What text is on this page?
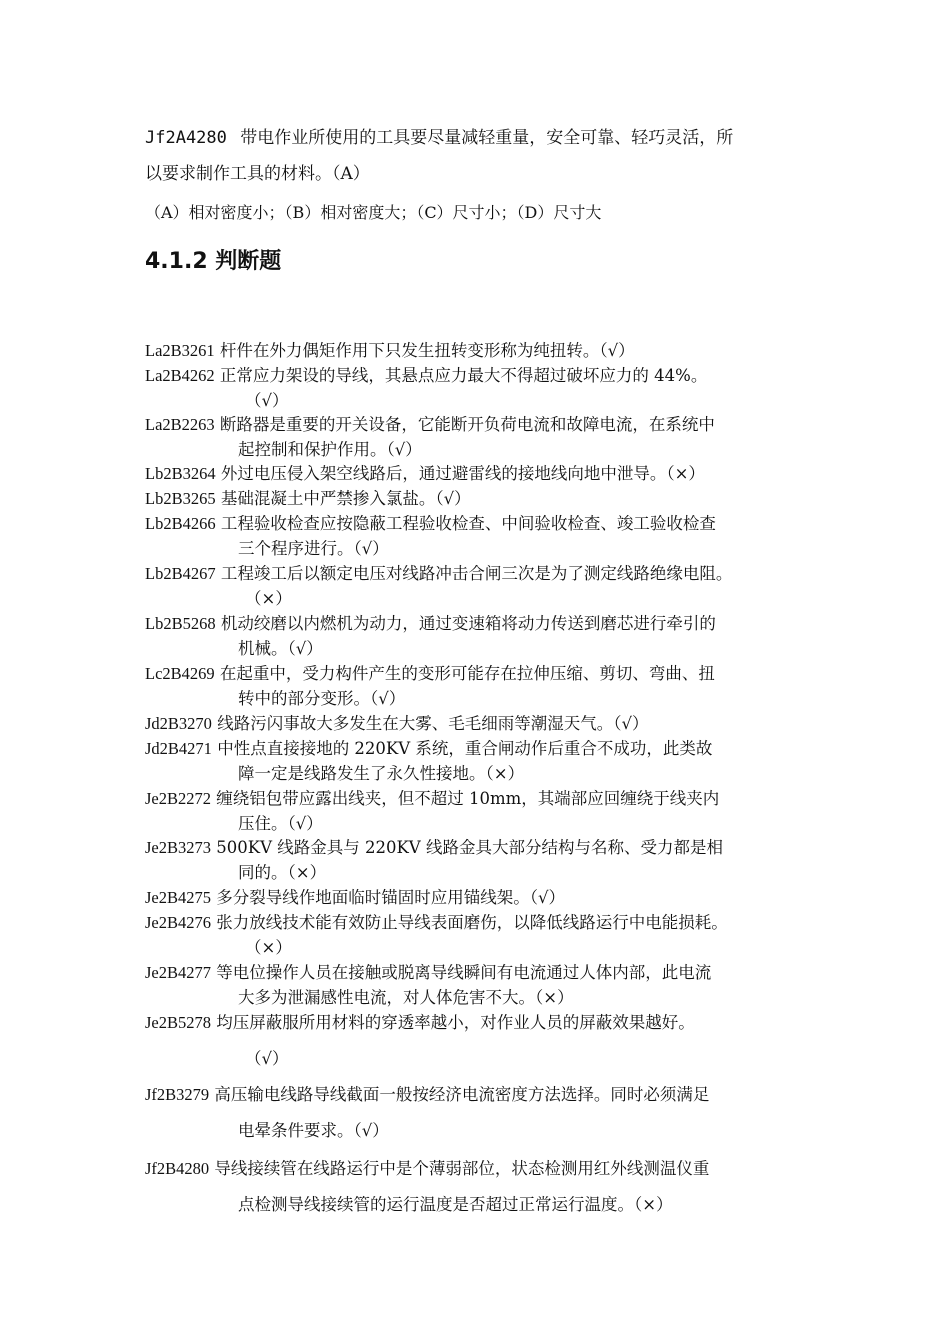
Jf2A4280 带电作业所使用的工具要尽量减轻重量，安全可靠、轻巧灵活，所
以要求制作工具的材料。（A）
（A）相对密度小；（B）相对密度大；（C）尺寸小；（D）尺寸大
4.1.2 判断题
La2B3261 杆件在外力偶矩作用下只发生扭转变形称为纯扭转。（√）
La2B4262 正常应力架设的导线，其悬点应力最大不得超过破坏应力的 44%。
（√）
La2B2263 断路器是重要的开关设备，它能断开负荷电流和故障电流，在系统中
起控制和保护作用。（√）
Lb2B3264 外过电压侵入架空线路后，通过避雷线的接地线向地中泄导。（×）
Lb2B3265 基础混凝土中严禁掺入氯盐。（√）
Lb2B4266 工程验收检查应按隐蔽工程验收检查、中间验收检查、竣工验收检查
三个程序进行。（√）
Lb2B4267 工程竣工后以额定电压对线路冲击合闸三次是为了测定线路绝缘电阻。
（×）
Lb2B5268 机动绞磨以内燃机为动力，通过变速箱将动力传送到磨芯进行牵引的
机械。（√）
Lc2B4269 在起重中，受力构件产生的变形可能存在拉伸压缩、剪切、弯曲、扭
转中的部分变形。（√）
Jd2B3270 线路污闪事故大多发生在大雾、毛毛细雨等潮湿天气。（√）
Jd2B4271 中性点直接接地的 220KV 系统，重合闸动作后重合不成功，此类故
障一定是线路发生了永久性接地。（×）
Je2B2272 缠绕铝包带应露出线夹，但不超过 10mm，其端部应回缠绕于线夹内
压住。（√）
Je2B3273 500KV 线路金具与 220KV 线路金具大部分结构与名称、受力都是相
同的。（×）
Je2B4275 多分裂导线作地面临时锚固时应用锚线架。（√）
Je2B4276 张力放线技术能有效防止导线表面磨伤，以降低线路运行中电能损耗。
（×）
Je2B4277 等电位操作人员在接触或脱离导线瞬间有电流通过人体内部，此电流
大多为泄漏感性电流，对人体危害不大。（×）
Je2B5278 均压屏蔽服所用材料的穿透率越小，对作业人员的屏蔽效果越好。
（√）
Jf2B3279 高压输电线路导线截面一般按经济电流密度方法选择。同时必须满足
电晕条件要求。（√）
Jf2B4280 导线接续管在线路运行中是个薄弱部位，状态检测用红外线测温仪重
点检测导线接续管的运行温度是否超过正常运行温度。（×）
